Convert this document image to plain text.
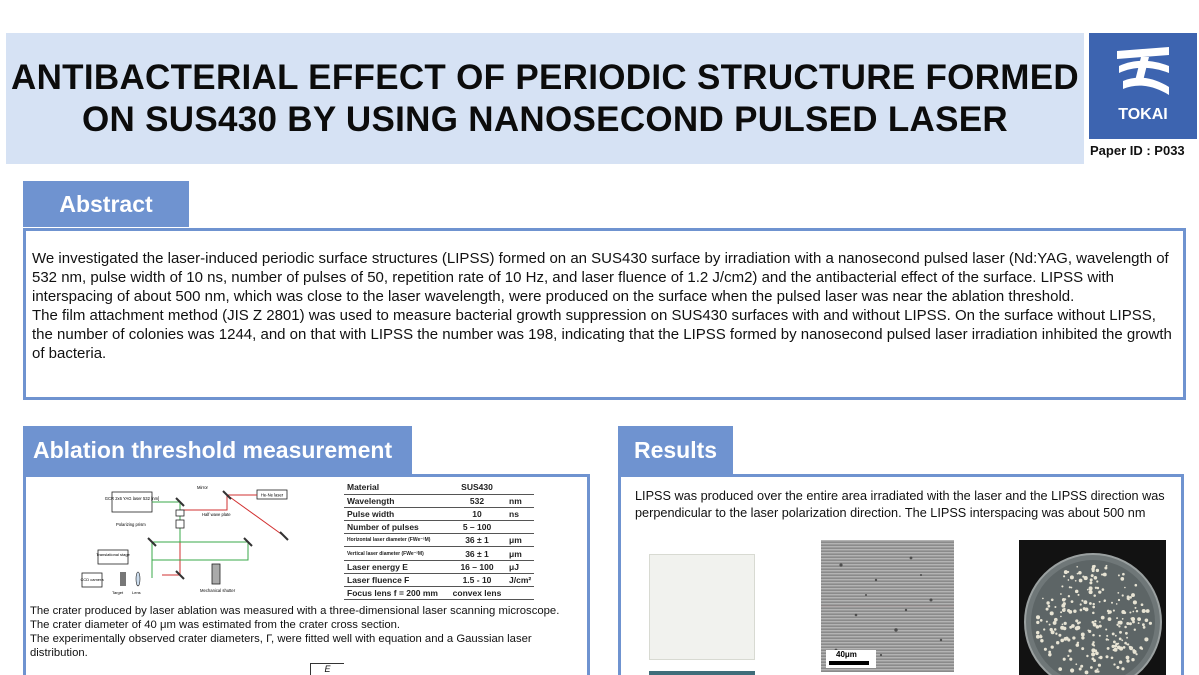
ANTIBACTERIAL EFFECT OF PERIODIC STRUCTURE FORMED
ON SUS430 BY USING NANOSECOND PULSED LASER	TOKAI
Paper ID : P033
Abstract

We investigated the laser-induced periodic surface structures (LIPSS) formed on an SUS430 surface by irradiation with a nanosecond pulsed laser (Nd:YAG, wavelength of 532 nm, pulse width of 10 ns, number of pulses of 50, repetition rate of 10 Hz, and laser fluence of 1.2 J/cm2) and the antibacterial effect of the surface. LIPSS with interspacing of about 500 nm, which was close to the laser wavelength, were produced on the surface when the pulsed laser was near the ablation threshold.

The film attachment method (JIS Z 2801) was used to measure bacterial growth suppression on SUS430 surfaces with and without LIPSS. On the surface without LIPSS, the number of colonies was 1244, and on that with LIPSS the number was 198, indicating that the LIPSS formed by nanosecond pulsed laser irradiation inhibited the growth of bacteria.

Ablation threshold measurement
GCR 2x6 YAG laser 532 [nm]
He-Ne laser
Mirror
Half wave plate
Polarizing prism
Mechanical shutter
Translational stage
CCD camera
Target Lens
Material	SUS430	
Wavelength	532	nm
Pulse width	10	ns
Number of pulses	5 – 100	
Horizontal laser diameter (FWe⁻²M)	36 ± 1	μm
Vertical laser diameter (FWe⁻²M)	36 ± 1	μm
Laser energy E	16 – 100	μJ
Laser fluence F	1.5 - 10	J/cm²
Focus lens f = 200 mm	convex lens	

The crater produced by laser ablation was measured with a three-dimensional laser scanning microscope.

The crater diameter of 40 μm was estimated from the crater cross section.

The experimentally observed crater diameters, Γ, were fitted well with equation and a Gaussian laser distribution.

E
Results
LIPSS was produced over the entire area irradiated with the laser and the LIPSS direction was perpendicular to the laser polarization direction. The LIPSS interspacing was about 500 nm
40μm
